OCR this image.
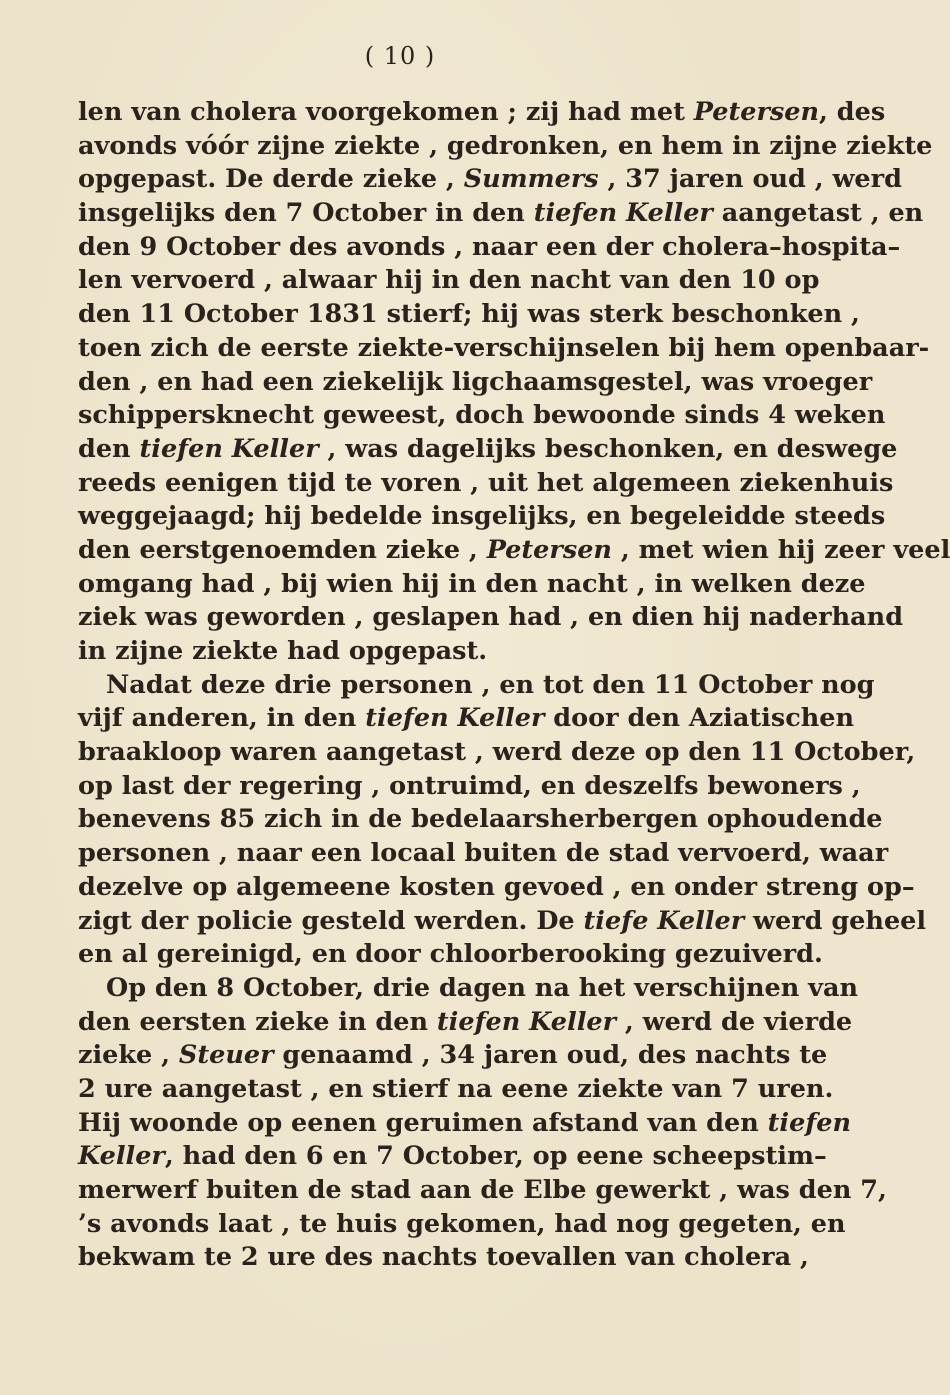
( 10 )
len van cholera voorgekomen ; zij had met Petersen, des
avonds vóór zijne ziekte , gedronken, en hem in zijne ziekte
opgepast. De derde zieke , Summers , 37 jaren oud , werd
insgelijks den 7 October in den tiefen Keller aangetast , en
den 9 October des avonds , naar een der cholera–hospita–
len vervoerd , alwaar hij in den nacht van den 10 op
den 11 October 1831 stierf; hij was sterk beschonken ,
toen zich de eerste ziekte-verschijnselen bij hem openbaar-
den , en had een ziekelijk ligchaamsgestel, was vroeger
schippersknecht geweest, doch bewoonde sinds 4 weken
den tiefen Keller , was dagelijks beschonken, en deswege
reeds eenigen tijd te voren , uit het algemeen ziekenhuis
weggejaagd; hij bedelde insgelijks, en begeleidde steeds
den eerstgenoemden zieke , Petersen , met wien hij zeer veel
omgang had , bij wien hij in den nacht , in welken deze
ziek was geworden , geslapen had , en dien hij naderhand
in zijne ziekte had opgepast.
Nadat deze drie personen , en tot den 11 October nog
vijf anderen, in den tiefen Keller door den Aziatischen
braakloop waren aangetast , werd deze op den 11 October,
op last der regering , ontruimd, en deszelfs bewoners ,
benevens 85 zich in de bedelaarsherbergen ophoudende
personen , naar een locaal buiten de stad vervoerd, waar
dezelve op algemeene kosten gevoed , en onder streng op–
zigt der policie gesteld werden. De tiefe Keller werd geheel
en al gereinigd, en door chloorberooking gezuiverd.
Op den 8 October, drie dagen na het verschijnen van
den eersten zieke in den tiefen Keller , werd de vierde
zieke , Steuer genaamd , 34 jaren oud, des nachts te
2 ure aangetast , en stierf na eene ziekte van 7 uren.
Hij woonde op eenen geruimen afstand van den tiefen
Keller, had den 6 en 7 October, op eene scheepstim–
merwerf buiten de stad aan de Elbe gewerkt , was den 7,
’s avonds laat , te huis gekomen, had nog gegeten, en
bekwam te 2 ure des nachts toevallen van cholera ,
